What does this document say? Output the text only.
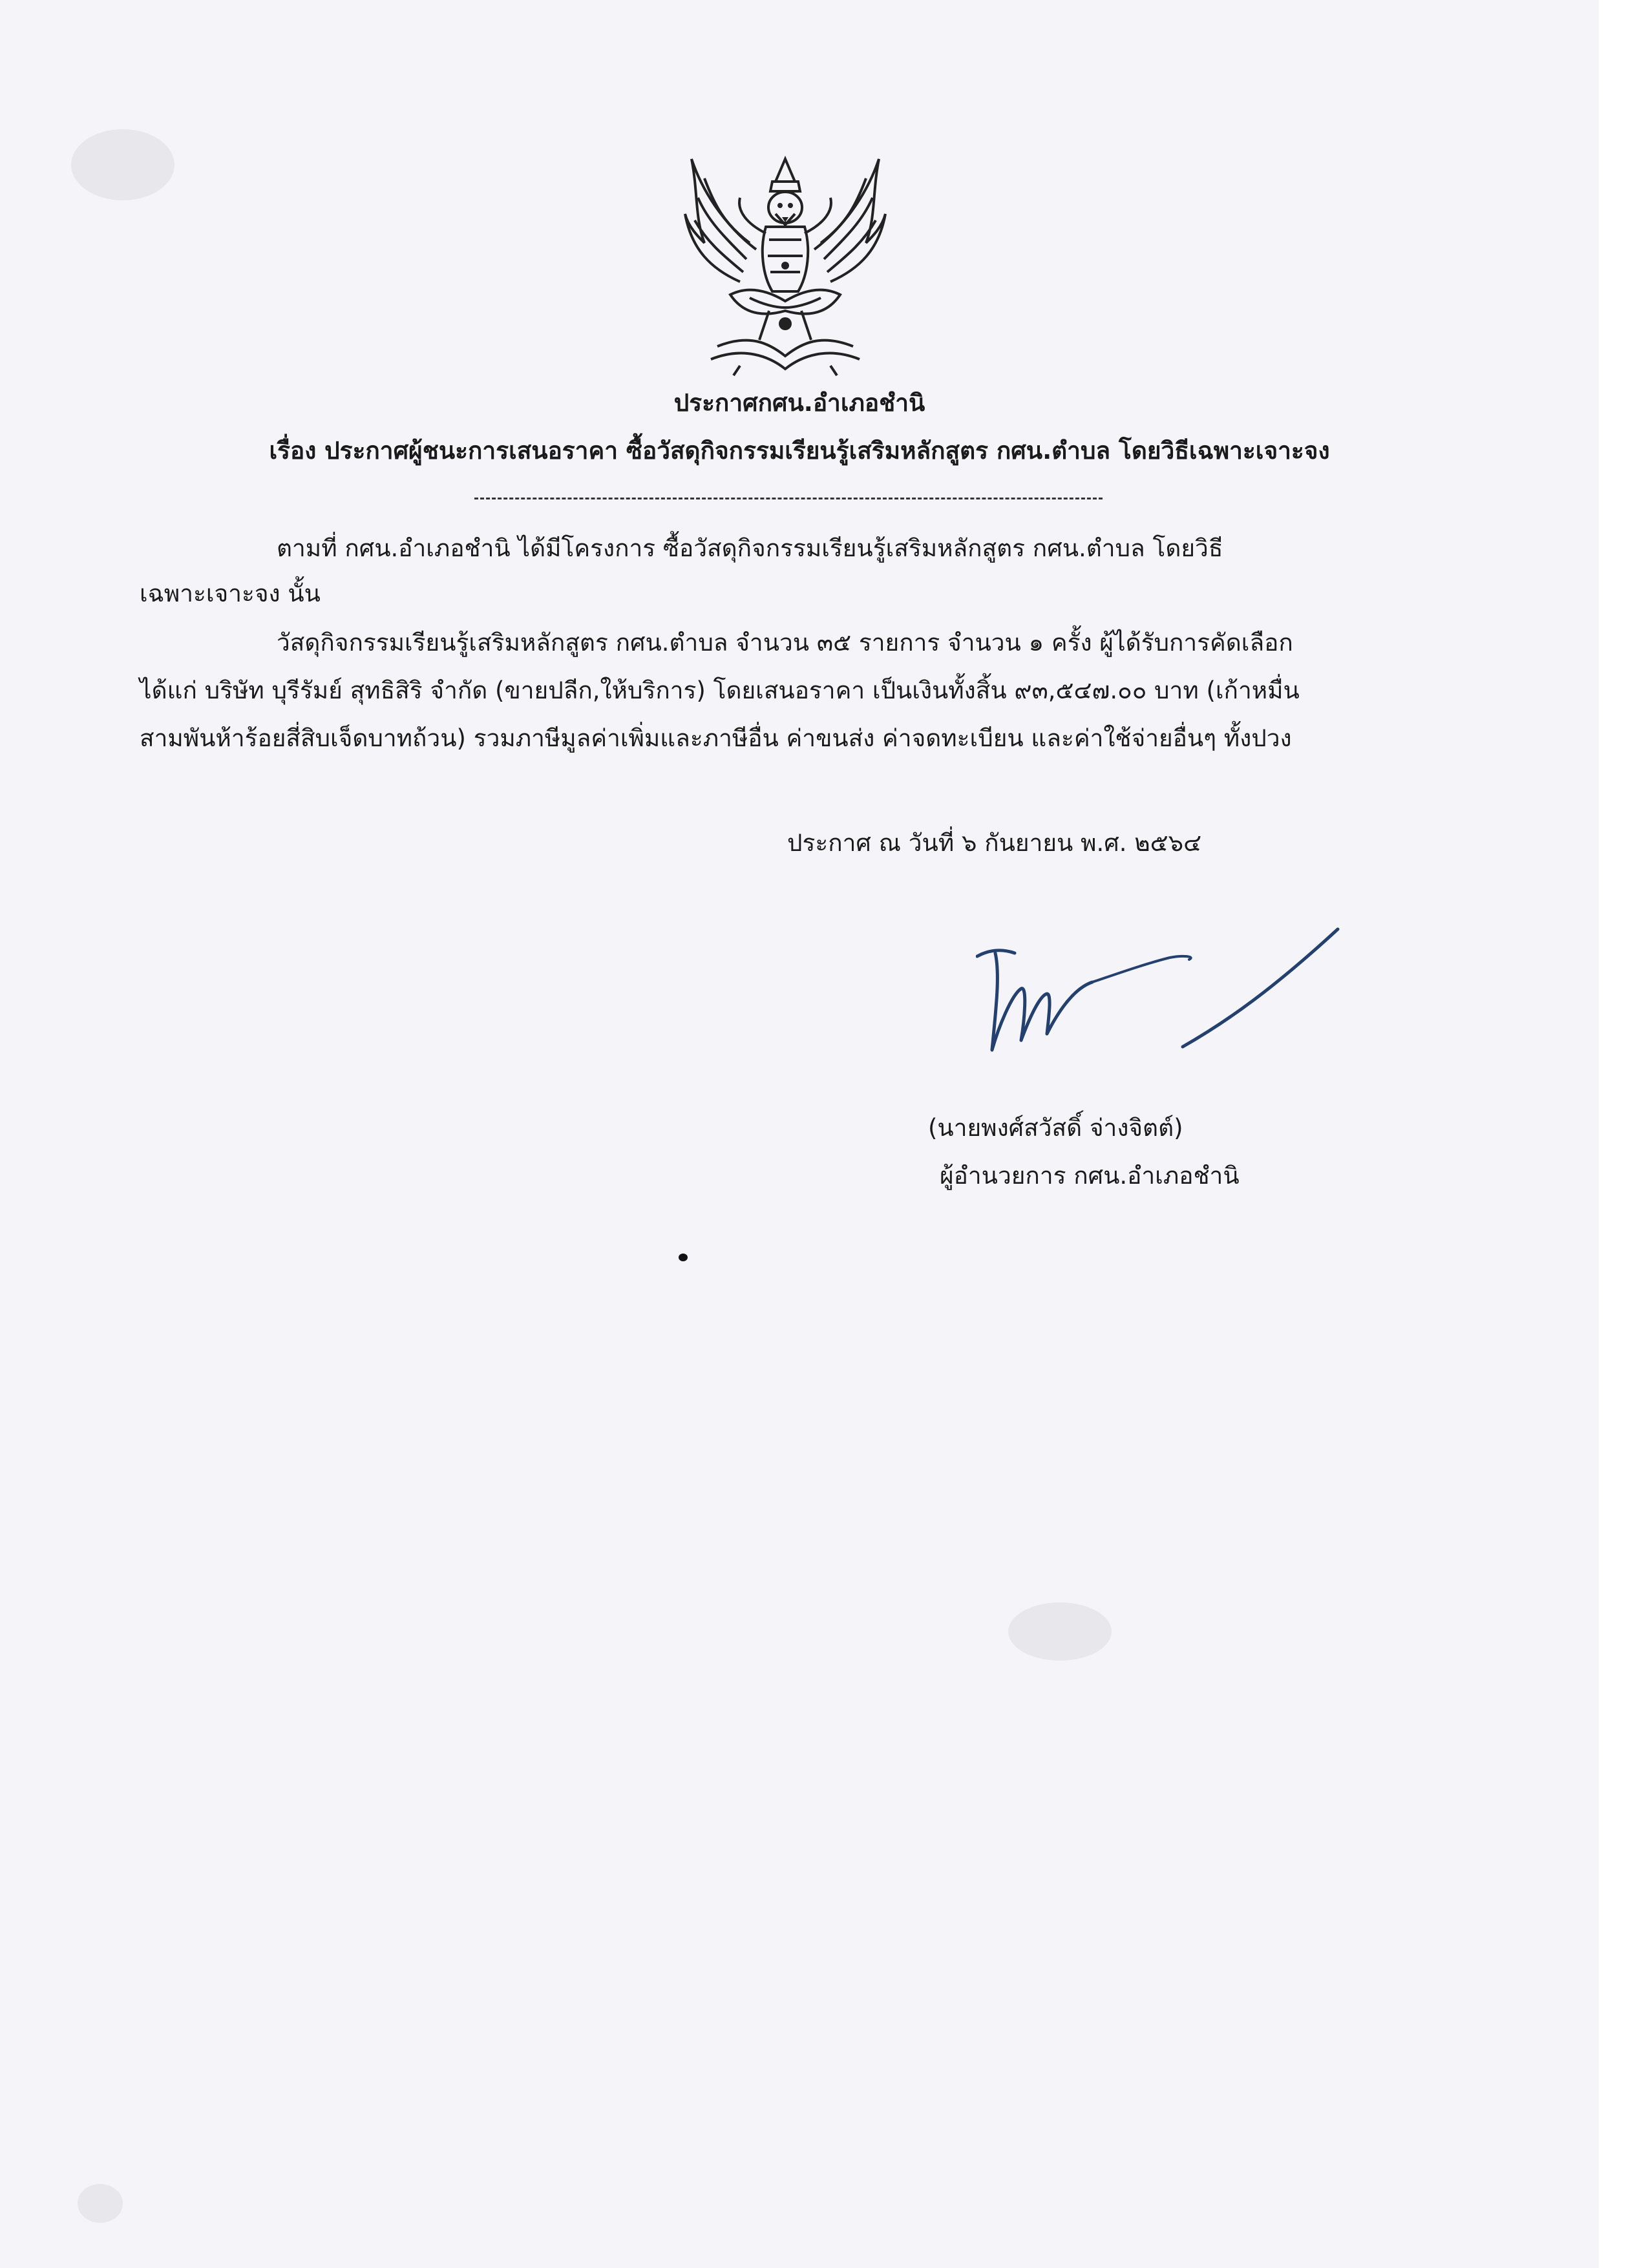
ประกาศกศน.อำเภอชำนิ
เรื่อง ประกาศผู้ชนะการเสนอราคา ซื้อวัสดุกิจกรรมเรียนรู้เสริมหลักสูตร กศน.ตำบล โดยวิธีเฉพาะเจาะจง
ตามที่ กศน.อำเภอชำนิ ได้มีโครงการ ซื้อวัสดุกิจกรรมเรียนรู้เสริมหลักสูตร กศน.ตำบล โดยวิธี
เฉพาะเจาะจง นั้น
วัสดุกิจกรรมเรียนรู้เสริมหลักสูตร กศน.ตำบล จำนวน ๓๕ รายการ จำนวน ๑ ครั้ง ผู้ได้รับการคัดเลือก
ได้แก่ บริษัท บุรีรัมย์ สุทธิสิริ จำกัด (ขายปลีก,ให้บริการ) โดยเสนอราคา เป็นเงินทั้งสิ้น ๙๓,๕๔๗.๐๐ บาท (เก้าหมื่น
สามพันห้าร้อยสี่สิบเจ็ดบาทถ้วน) รวมภาษีมูลค่าเพิ่มและภาษีอื่น ค่าขนส่ง ค่าจดทะเบียน และค่าใช้จ่ายอื่นๆ ทั้งปวง
ประกาศ ณ วันที่ ๖ กันยายน พ.ศ. ๒๕๖๔
(นายพงศ์สวัสดิ์ จ่างจิตต์)
ผู้อำนวยการ กศน.อำเภอชำนิ
